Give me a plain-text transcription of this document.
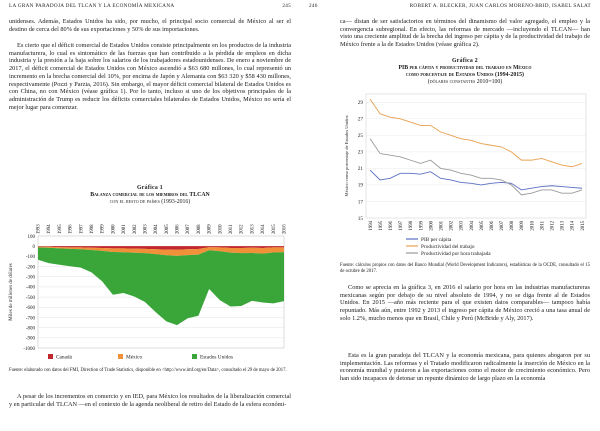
LA GRAN PARADOJA DEL TLCAN Y LA ECONOMÍA MEXICANA	245

unidenses. Además, Estados Unidos ha sido, por mucho, el principal socio comercial de México al ser el destino de cerca del 80% de sus exportaciones y 50% de sus importaciones.

Es cierto que el déficit comercial de Estados Unidos consiste principalmente en los productos de la industria manufacturera, lo cual es sintomático de las fuerzas que han contribuido a la pérdida de empleos en dicha industria y la presión a la baja sobre los salarios de los trabajadores estadounidenses. De enero a noviembre de 2017, el déficit comercial de Estados Unidos con México ascendió a $63 680 millones, lo cual representó un incremento en la brecha comercial del 10%, por encima de Japón y Alemania con $63 320 y $58 430 millones, respectivamente (Pozzi y Parzia, 2016). Sin embargo, el mayor déficit comercial bilateral de Estados Unidos es con China, no con México (véase gráfica 1). Por lo tanto, incluso si uno de los objetivos principales de la administración de Trump es reducir los déficits comerciales bilaterales de Estados Unidos, México no sería el mejor lugar para comenzar.

Gráfica 1
Balanza comercial de los miembros del TLCAN
con el resto de países (1993-2016)
100
0
-100
-200
-300
-400
-500
-600
-700
-800
-900
-1000
1993 1994 1995 1996 1997 1998 1999 2000 2001 2002 2003 2004 2005 2006 2007 2008 2009 2010 2011 2012 2013 2014 2015 2016
Miles de millones de dólares
Canadá	México	Estados Unidos

Fuente: elaborado con datos del FMI, Direction of Trade Statistics, disponible en <http://www.imf.org/en/Data>, consultado el 29 de mayo de 2017.

A pesar de los incrementos en comercio y en IED, para México los resultados de la liberalización comercial y en particular del TLCAN —en el contexto de la agenda neoliberal de retiro del Estado de la esfera económi-

246	ROBERT A. BLECKER, JUAN CARLOS MORENO-BRID, ISABEL SALAT

ca— distan de ser satisfactorios en términos del dinamismo del valor agregado, el empleo y la convergencia subregional. En efecto, las reformas de mercado —incluyendo el TLCAN— han visto una creciente amplitud de la brecha del ingreso per cápita y de la productividad del trabajo de México frente a la de Estados Unidos (véase gráfica 2).

Gráfica 2
PIB per cápita y productividad del trabajo en México
como porcentaje de Estados Unidos (1994-2015)
(dólares constantes 2010=100)
15
17
19
21
23
25
27
29
1994 1995 1996 1997 1998 1999 2000 2001 2002 2003 2004 2005 2006 2007 2008 2009 2010 2011 2012 2013 2014 2015
México como porcentaje de Estados Unidos
PIB per cápita
Productividad del trabajo
Productividad por hora trabajada

Fuente: cálculos propios con datos del Banco Mundial (World Development Indicators), estadísticas de la OCDE, consultado el 15 de octubre de 2017.

Como se aprecia en la gráfica 3, en 2016 el salario por hora en las industrias manufactureras mexicanas según por debajo de su nivel absoluto de 1994, y no se diga frente al de Estados Unidos. En 2015 —año más reciente para el que existen datos comparables— tampoco había repuntado. Más aún, entre 1992 y 2013 el ingreso per cápita de México creció a una tasa anual de solo 1.2%, mucho menos que en Brasil, Chile y Perú (McBride y Aly, 2017).

Esta es la gran paradoja del TLCAN y la economía mexicana, para quienes abogaron por su implementación. Las reformas y el Tratado modificaron radicalmente la inserción de México en la economía mundial y pusieron a las exportaciones como el motor de crecimiento económico. Pero han sido incapaces de detonar un repunte dinámico de largo plazo en la economía
